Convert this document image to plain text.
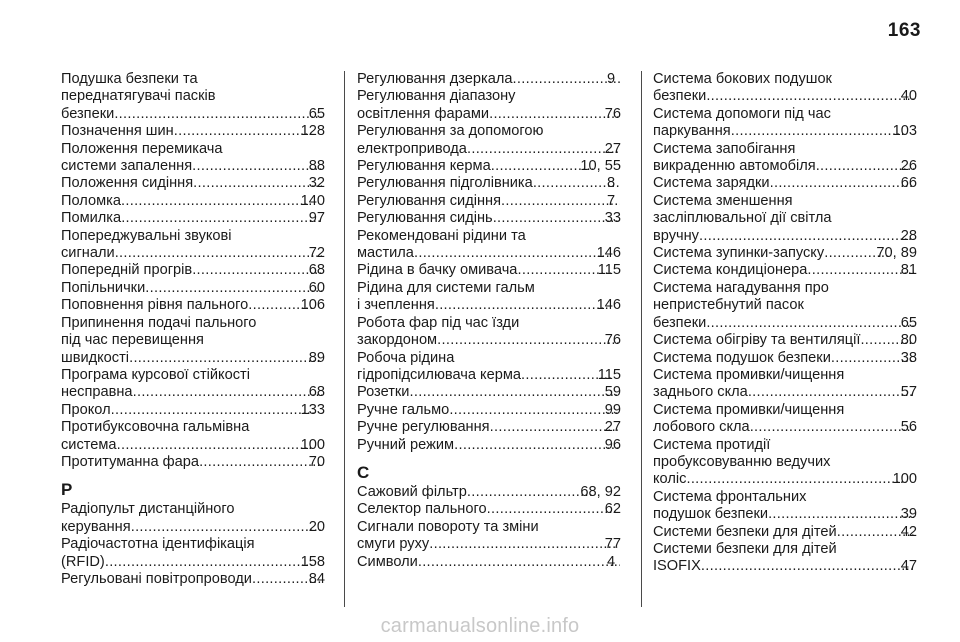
163
Подушка безпеки та
переднатягувачі пасків
безпеки .....	65
Позначення шин .....	128
Положення перемикача
системи запалення .....	88
Положення сидіння .....	32
Поломка .....	140
Помилка .....	97
Попереджувальні звукові
сигнали .....	72
Попередній прогрів .....	68
Попільнички .....	60
Поповнення рівня пального .....	106
Припинення подачі пального
під час перевищення
швидкості .....	89
Програма курсової стійкості
несправна .....	68
Прокол .....	133
Протибуксовочна гальмівна
система .....	100
Протитуманна фара .....	70
Р
Радіопульт дистанційного
керування .....	20
Радіочастотна ідентифікація
(RFID) .....	158
Регульовані повітропроводи .....	84
Регулювання дзеркала .....	9
Регулювання діапазону
освітлення фарами .....	76
Регулювання за допомогою
електропривода .....	27
Регулювання керма .....	10, 55
Регулювання підголівника .....	8
Регулювання сидіння .....	7
Регулювання сидінь .....	33
Рекомендовані рідини та
мастила .....	146
Рідина в бачку омивача .....	115
Рідина для системи гальм
і зчеплення .....	146
Робота фар під час їзди
закордоном .....	76
Робоча рідина
гідропідсилювача керма .....	115
Розетки .....	59
Ручне гальмо .....	99
Ручне регулювання .....	27
Ручний режим .....	96
С
Сажовий фільтр .....	68, 92
Селектор пального .....	62
Сигнали повороту та зміни
смуги руху .....	77
Символи .....	4
Система бокових подушок
безпеки .....	40
Система допомоги під час
паркування .....	103
Система запобігання
викраденню автомобіля .....	26
Система зарядки .....	66
Система зменшення
засліплювальної дії світла
вручну .....	28
Система зупинки-запуску .....	70, 89
Система кондиціонера .....	81
Система нагадування про
непристебнутий пасок
безпеки .....	65
Система обігріву та вентиляції .....	80
Система подушок безпеки .....	38
Система промивки/чищення
заднього скла .....	57
Система промивки/чищення
лобового скла .....	56
Система протидії
пробуксовуванню ведучих
коліс .....	100
Система фронтальних
подушок безпеки .....	39
Системи безпеки для дітей .....	42
Системи безпеки для дітей
ISOFIX .....	47
carmanualsonline.info
